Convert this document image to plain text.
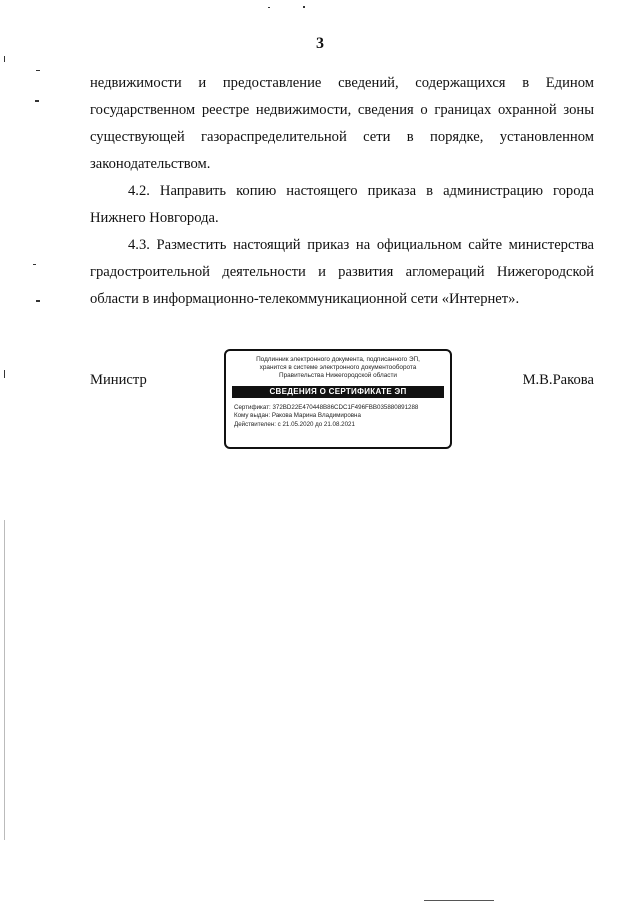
3

недвижимости и предоставление сведений, содержащихся в Едином государственном реестре недвижимости, сведения о границах охранной зоны существующей газораспределительной сети в порядке, установленном законодательством.

4.2. Направить копию настоящего приказа в администрацию города Нижнего Новгорода.

4.3. Разместить настоящий приказ на официальном сайте министерства градостроительной деятельности и развития агломераций Нижегородской области в информационно-телекоммуникационной сети «Интернет».

Министр	М.В.Ракова
Подлинник электронного документа, подписанного ЭП,
хранится в системе электронного документооборота
Правительства Нижегородской области
СВЕДЕНИЯ О СЕРТИФИКАТЕ ЭП
Сертификат: 372BD22E470448B86CDC1F496FBB035880891288
Кому выдан: Ракова Марина Владимировна
Действителен: с 21.05.2020 до 21.08.2021
